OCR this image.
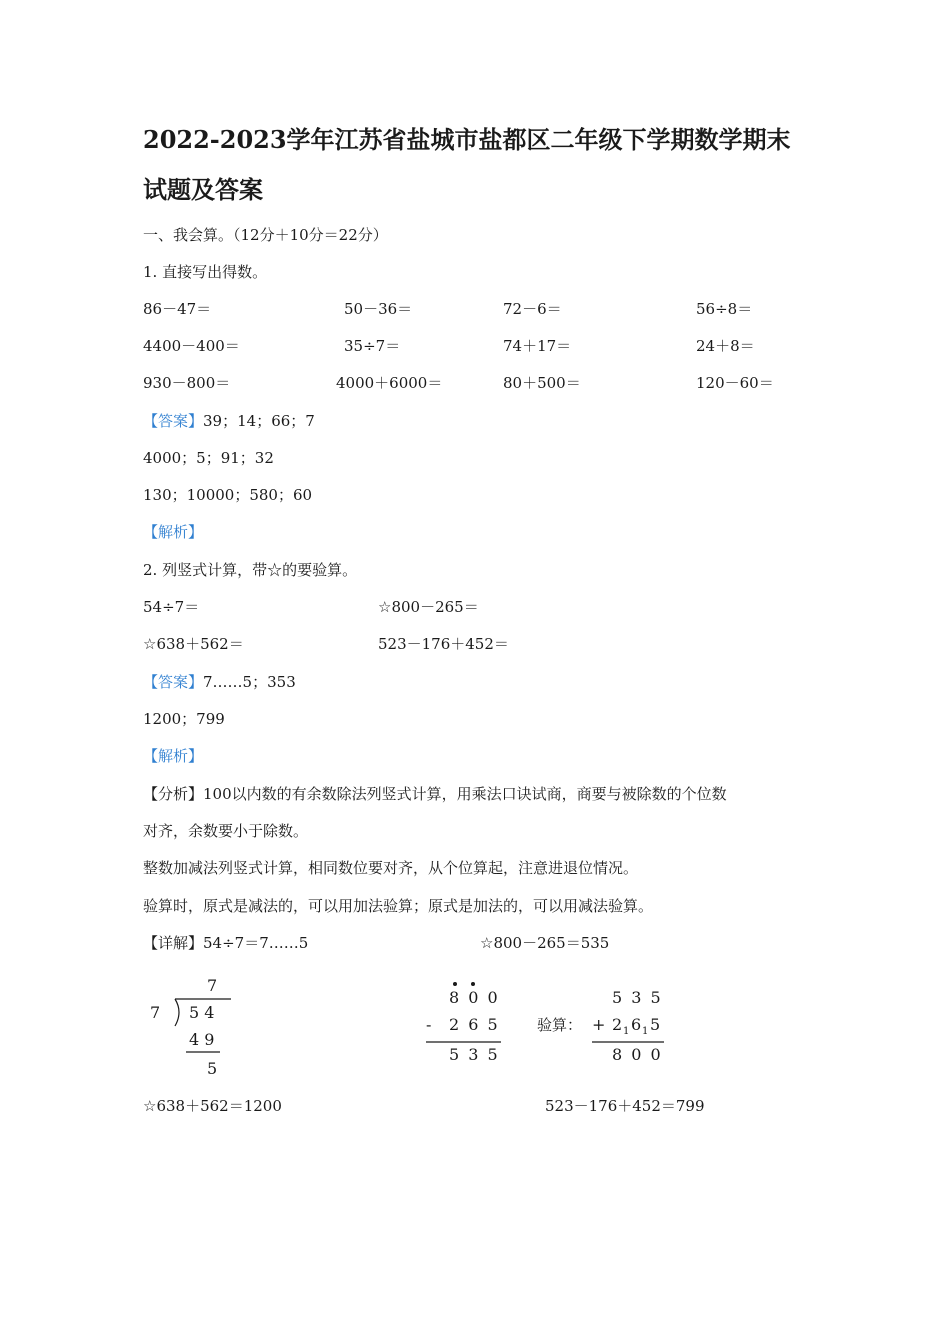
2022-2023学年江苏省盐城市盐都区二年级下学期数学期末
试题及答案
一、我会算。（12分＋10分＝22分）
1. 直接写出得数。
86－47＝	50－36＝	72－6＝	56÷8＝
4400－400＝	35÷7＝	74＋17＝	24＋8＝
930－800＝	4000＋6000＝	80＋500＝	120－60＝
【答案】39；14；66；7
4000；5；91；32
130；10000；580；60
【解析】
2. 列竖式计算，带☆的要验算。
54÷7＝	☆800－265＝
☆638＋562＝	523－176＋452＝
【答案】7……5；353
1200；799
【解析】
【分析】100以内数的有余数除法列竖式计算，用乘法口诀试商，商要与被除数的个位数
对齐，余数要小于除数。
整数加减法列竖式计算，相同数位要对齐，从个位算起，注意进退位情况。
验算时，原式是减法的，可以用加法验算；原式是加法的，可以用减法验算。
【详解】54÷7＝7……5	☆800－265＝535
7
7 5 4
4 9
5
8 0 0
- 2 6 5
5 3 5
验算：
5 3 5
+ 2 1 6 1 5
8 0 0
☆638＋562＝1200	523－176＋452＝799
